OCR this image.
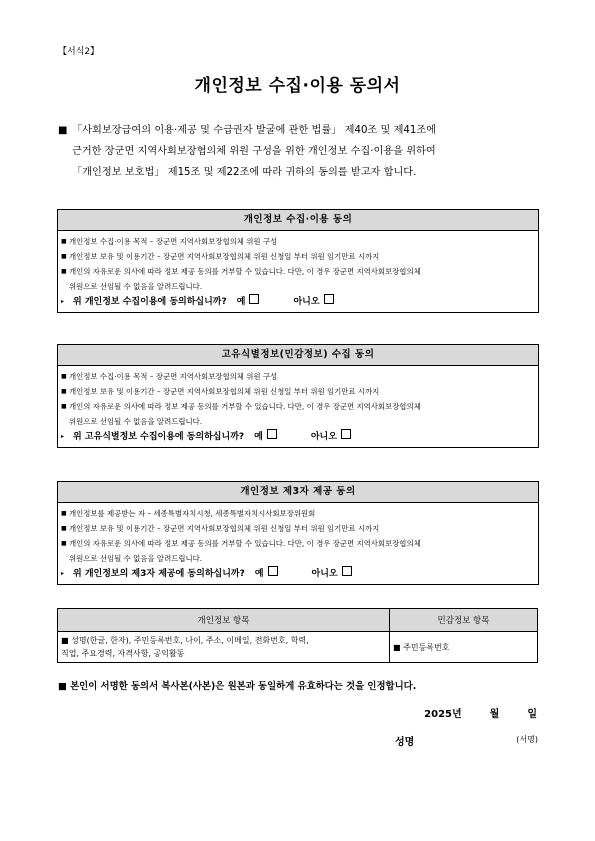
【서식2】
개인정보 수집·이용 동의서
■ 「사회보장급여의 이용·제공 및 수급권자 발굴에 관한 법률」 제40조 및 제41조에
근거한 장군면 지역사회보장협의체 위원 구성을 위한 개인정보 수집·이용을 위하여
「개인정보 보호법」 제15조 및 제22조에 따라 귀하의 동의를 받고자 합니다.
개인정보 수집·이용 동의
■ 개인정보 수집·이용 목적 – 장군면 지역사회보장협의체 위원 구성
■ 개인정보 보유 및 이용기간 – 장군면 지역사회보장협의체 위원 신청일 부터 위원 임기만료 시까지
■ 개인의 자유로운 의사에 따라 정보 제공 동의를 거부할 수 있습니다. 다만, 이 경우 장군면 지역사회보장협의체
위원으로 선임될 수 없음을 알려드립니다.
▸ 위 개인정보 수집이용에 동의하십니까? 예	아니오
고유식별정보(민감정보) 수집 동의
■ 개인정보 수집·이용 목적 – 장군면 지역사회보장협의체 위원 구성
■ 개인정보 보유 및 이용기간 – 장군면 지역사회보장협의체 위원 신청일 부터 위원 임기만료 시까지
■ 개인의 자유로운 의사에 따라 정보 제공 동의를 거부할 수 있습니다. 다만, 이 경우 장군면 지역사회보장협의체
위원으로 선임될 수 없음을 알려드립니다.
▸ 위 고유식별정보 수집이용에 동의하십니까? 예	아니오
개인정보 제3자 제공 동의
■ 개인정보를 제공받는 자 – 세종특별자치시청, 세종특별자치시사회보장위원회
■ 개인정보 보유 및 이용기간 – 장군면 지역사회보장협의체 위원 신청일 부터 위원 임기만료 시까지
■ 개인의 자유로운 의사에 따라 정보 제공 동의를 거부할 수 있습니다. 다만, 이 경우 장군면 지역사회보장협의체
위원으로 선임될 수 없음을 알려드립니다.
▸ 위 개인정보의 제3자 제공에 동의하십니까? 예	아니오
개인정보 항목	민감정보 항목

■ 성명(한글, 한자), 주민등록번호, 나이, 주소, 이메일, 전화번호, 학력,
직업, 주요경력, 자격사항, 공익활동	■ 주민등록번호
■ 본인이 서명한 동의서 복사본(사본)은 원본과 동일하게 유효하다는 것을 인정합니다.
2025년	월	일
성명	(서명)
